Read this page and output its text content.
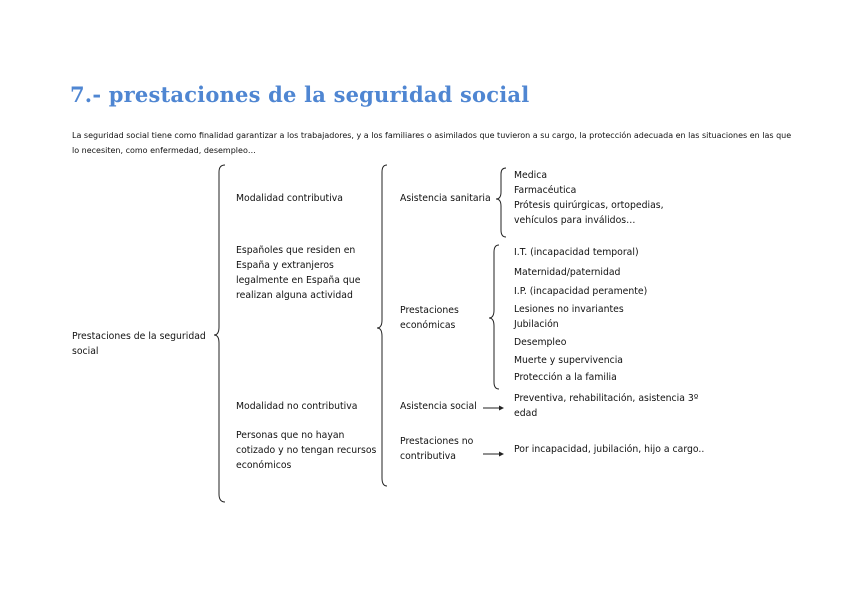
7.- prestaciones de la seguridad social
La seguridad social tiene como finalidad garantizar a los trabajadores, y a los familiares o asimilados que tuvieron a su cargo, la protección adecuada en las situaciones en las que lo necesiten, como enfermedad, desempleo…
Prestaciones de la seguridad social
Modalidad contributiva
Españoles que residen en España y extranjeros legalmente en España que realizan alguna actividad
Modalidad no contributiva
Personas que no hayan cotizado y no tengan recursos económicos
Asistencia sanitaria
Medica
Farmacéutica
Prótesis quirúrgicas, ortopedias,
vehículos para inválidos…
Prestaciones económicas
I.T. (incapacidad temporal)
Maternidad/paternidad
I.P. (incapacidad peramente)
Lesiones no invariantes
Jubilación
Desempleo
Muerte y supervivencia
Protección a la familia
Asistencia social
Preventiva, rehabilitación, asistencia 3º edad
Prestaciones no contributiva
Por incapacidad, jubilación, hijo a cargo..
